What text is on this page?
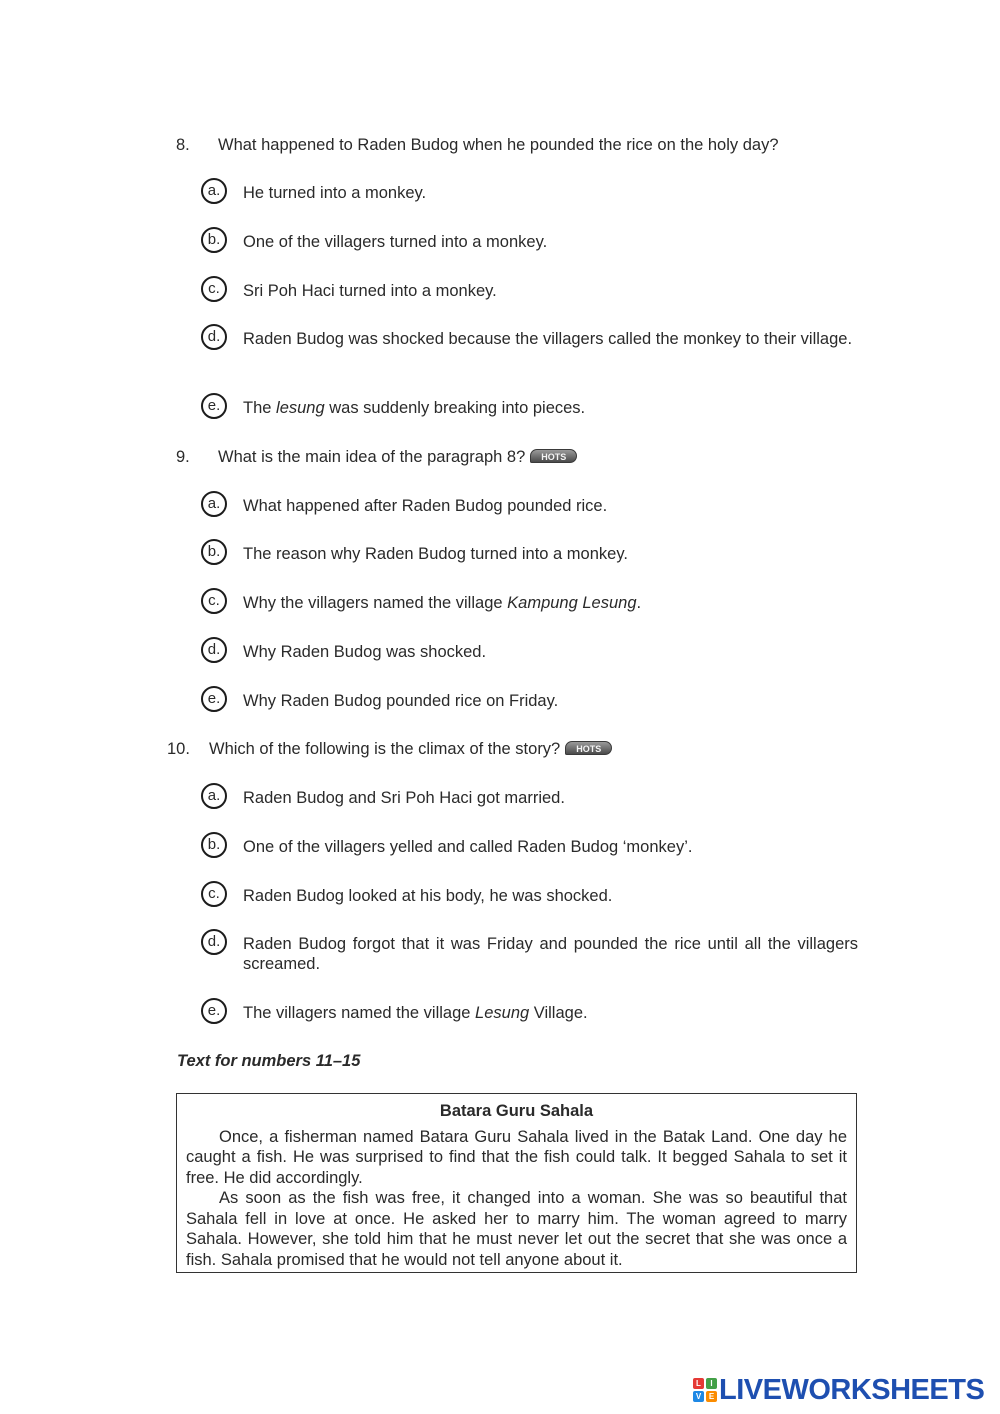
8.	What happened to Raden Budog when he pounded the rice on the holy day?
a.	He turned into a monkey.
b.	One of the villagers turned into a monkey.
c.	Sri Poh Haci turned into a monkey.
d.	Raden Budog was shocked because the villagers called the monkey to their village.
e.	The lesung was suddenly breaking into pieces.
9.	What is the main idea of the paragraph 8? HOTS
a.	What happened after Raden Budog pounded rice.
b.	The reason why Raden Budog turned into a monkey.
c.	Why the villagers named the village Kampung Lesung.
d.	Why Raden Budog was shocked.
e.	Why Raden Budog pounded rice on Friday.
10.	Which of the following is the climax of the story? HOTS
a.	Raden Budog and Sri Poh Haci got married.
b.	One of the villagers yelled and called Raden Budog ‘monkey’.
c.	Raden Budog looked at his body, he was shocked.
d.	Raden Budog forgot that it was Friday and pounded the rice until all the villagers screamed.
e.	The villagers named the village Lesung Village.
Text for numbers 11–15
Batara Guru Sahala

Once, a fisherman named Batara Guru Sahala lived in the Batak Land. One day he caught a fish. He was surprised to find that the fish could talk. It begged Sahala to set it free. He did accordingly.

As soon as the fish was free, it changed into a woman. She was so beautiful that Sahala fell in love at once. He asked her to marry him. The woman agreed to marry Sahala. However, she told him that he must never let out the secret that she was once a fish. Sahala promised that he would not tell anyone about it.

L	I
V E LIVEWORKSHEETS
